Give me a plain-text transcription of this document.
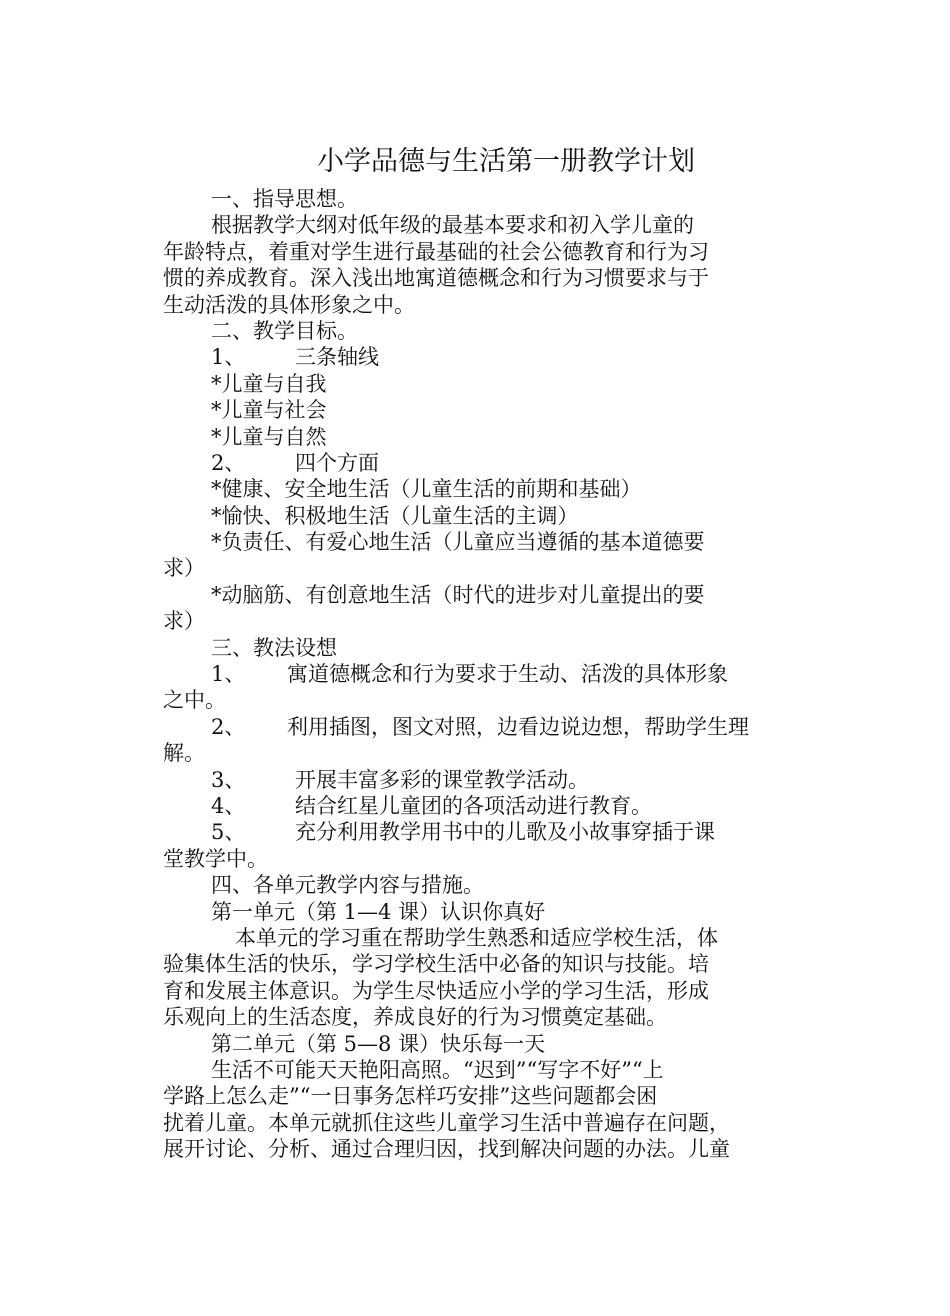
小学品德与生活第一册教学计划
一、指导思想。
根据教学大纲对低年级的最基本要求和初入学儿童的
年龄特点，着重对学生进行最基础的社会公德教育和行为习
惯的养成教育。深入浅出地寓道德概念和行为习惯要求与于
生动活泼的具体形象之中。
二、教学目标。
1、 三条轴线
*儿童与自我
*儿童与社会
*儿童与自然
2、 四个方面
*健康、安全地生活（儿童生活的前期和基础）
*愉快、积极地生活（儿童生活的主调）
*负责任、有爱心地生活（儿童应当遵循的基本道德要
求）
*动脑筋、有创意地生活（时代的进步对儿童提出的要
求）
三、教法设想
1、 寓道德概念和行为要求于生动、活泼的具体形象
之中。
2、 利用插图，图文对照，边看边说边想，帮助学生理
解。
3、 开展丰富多彩的课堂教学活动。
4、 结合红星儿童团的各项活动进行教育。
5、 充分利用教学用书中的儿歌及小故事穿插于课
堂教学中。
四、各单元教学内容与措施。
第一单元（第 1—4 课）认识你真好
本单元的学习重在帮助学生熟悉和适应学校生活，体
验集体生活的快乐，学习学校生活中必备的知识与技能。培
育和发展主体意识。为学生尽快适应小学的学习生活，形成
乐观向上的生活态度，养成良好的行为习惯奠定基础。
第二单元（第 5—8 课）快乐每一天
生活不可能天天艳阳高照。“迟到”“写字不好”“上
学路上怎么走”“一日事务怎样巧安排”这些问题都会困
扰着儿童。本单元就抓住这些儿童学习生活中普遍存在问题，
展开讨论、分析、通过合理归因，找到解决问题的办法。儿童
